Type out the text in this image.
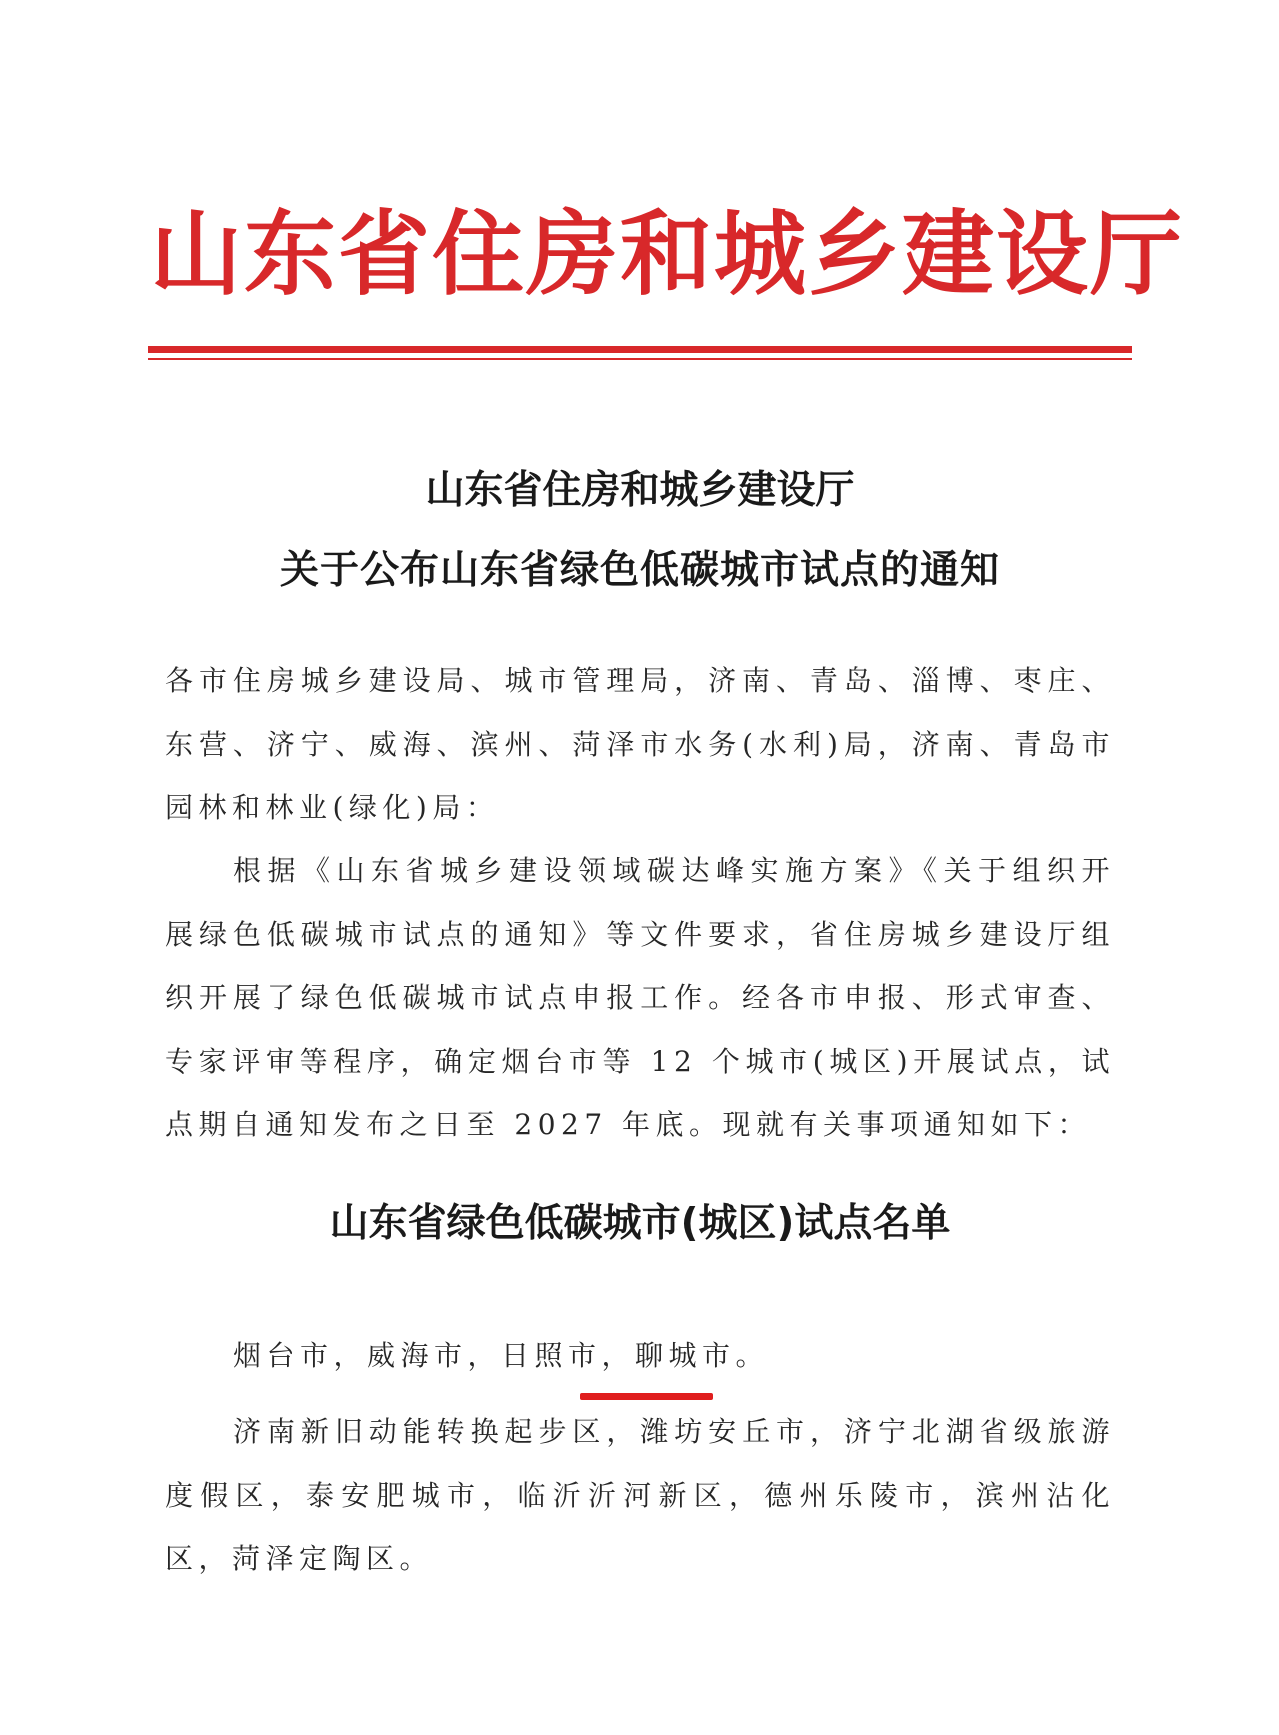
山东省住房和城乡建设厅
山东省住房和城乡建设厅
关于公布山东省绿色低碳城市试点的通知
各市住房城乡建设局、城市管理局，济南、青岛、淄博、枣庄、东营、济宁、威海、滨州、菏泽市水务(水利)局，济南、青岛市园林和林业(绿化)局：
根据《山东省城乡建设领域碳达峰实施方案》《关于组织开展绿色低碳城市试点的通知》等文件要求，省住房城乡建设厅组织开展了绿色低碳城市试点申报工作。经各市申报、形式审查、专家评审等程序，确定烟台市等 12 个城市(城区)开展试点，试点期自通知发布之日至 2027 年底。现就有关事项通知如下：
山东省绿色低碳城市(城区)试点名单
烟台市，威海市，日照市，聊城市。
济南新旧动能转换起步区，潍坊安丘市，济宁北湖省级旅游度假区，泰安肥城市，临沂沂河新区，德州乐陵市，滨州沾化区，菏泽定陶区。
